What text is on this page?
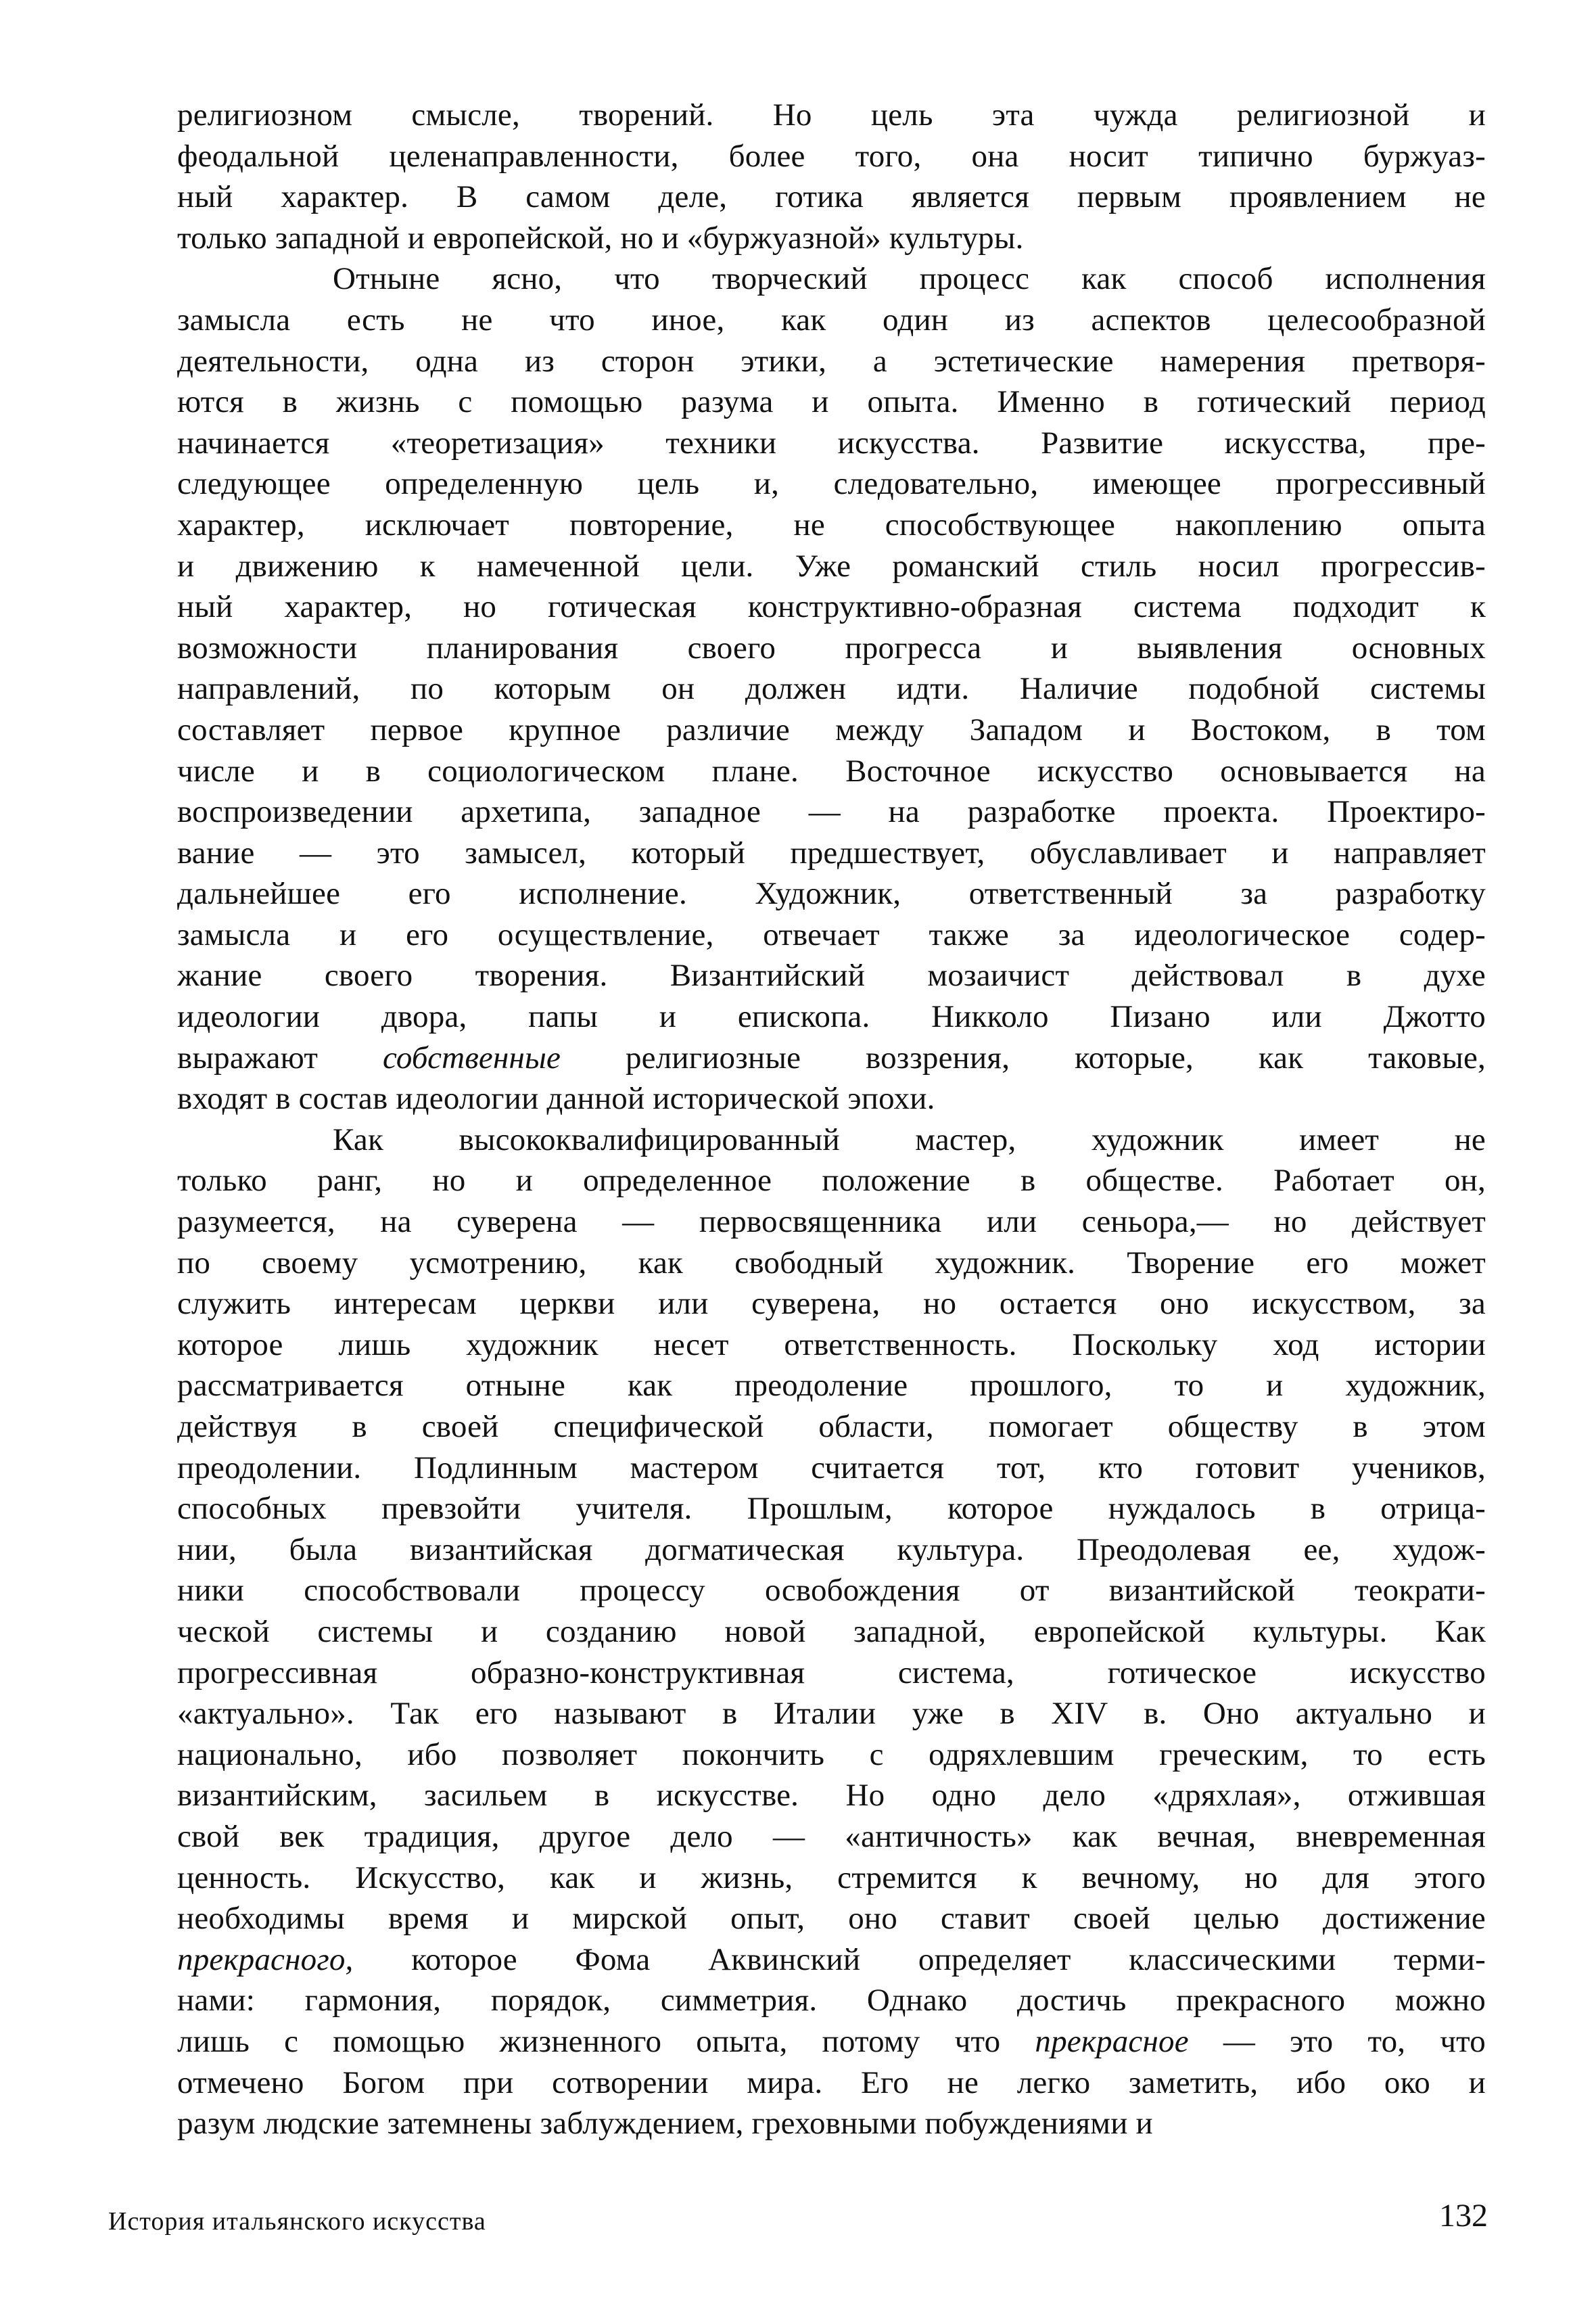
религиозном смысле, творений. Но цель эта чужда религиозной и
феодальной целенаправленности, более того, она носит типично буржуаз-
ный характер. В самом деле, готика является первым проявлением не
только западной и европейской, но и «буржуазной» культуры.
Отныне ясно, что творческий процесс как способ исполнения
замысла есть не что иное, как один из аспектов целесообразной
деятельности, одна из сторон этики, а эстетические намерения претворя-
ются в жизнь с помощью разума и опыта. Именно в готический период
начинается «теоретизация» техники искусства. Развитие искусства, пре-
следующее определенную цель и, следовательно, имеющее прогрессивный
характер, исключает повторение, не способствующее накоплению опыта
и движению к намеченной цели. Уже романский стиль носил прогрессив-
ный характер, но готическая конструктивно-образная система подходит к
возможности планирования своего прогресса и выявления основных
направлений, по которым он должен идти. Наличие подобной системы
составляет первое крупное различие между Западом и Востоком, в том
числе и в социологическом плане. Восточное искусство основывается на
воспроизведении архетипа, западное — на разработке проекта. Проектиро-
вание — это замысел, который предшествует, обуславливает и направляет
дальнейшее его исполнение. Художник, ответственный за разработку
замысла и его осуществление, отвечает также за идеологическое содер-
жание своего творения. Византийский мозаичист действовал в духе
идеологии двора, папы и епископа. Никколо Пизано или Джотто
выражают собственные религиозные воззрения, которые, как таковые,
входят в состав идеологии данной исторической эпохи.
Как высококвалифицированный мастер, художник имеет не
только ранг, но и определенное положение в обществе. Работает он,
разумеется, на суверена — первосвященника или сеньора,— но действует
по своему усмотрению, как свободный художник. Творение его может
служить интересам церкви или суверена, но остается оно искусством, за
которое лишь художник несет ответственность. Поскольку ход истории
рассматривается отныне как преодоление прошлого, то и художник,
действуя в своей специфической области, помогает обществу в этом
преодолении. Подлинным мастером считается тот, кто готовит учеников,
способных превзойти учителя. Прошлым, которое нуждалось в отрица-
нии, была византийская догматическая культура. Преодолевая ее, худож-
ники способствовали процессу освобождения от византийской теократи-
ческой системы и созданию новой западной, европейской культуры. Как
прогрессивная образно-конструктивная система, готическое искусство
«актуально». Так его называют в Италии уже в XIV в. Оно актуально и
национально, ибо позволяет покончить с одряхлевшим греческим, то есть
византийским, засильем в искусстве. Но одно дело «дряхлая», отжившая
свой век традиция, другое дело — «античность» как вечная, вневременная
ценность. Искусство, как и жизнь, стремится к вечному, но для этого
необходимы время и мирской опыт, оно ставит своей целью достижение
прекрасного, которое Фома Аквинский определяет классическими терми-
нами: гармония, порядок, симметрия. Однако достичь прекрасного можно
лишь с помощью жизненного опыта, потому что прекрасное — это то, что
отмечено Богом при сотворении мира. Его не легко заметить, ибо око и
разум людские затемнены заблуждением, греховными побуждениями и
История итальянского искусства	132
